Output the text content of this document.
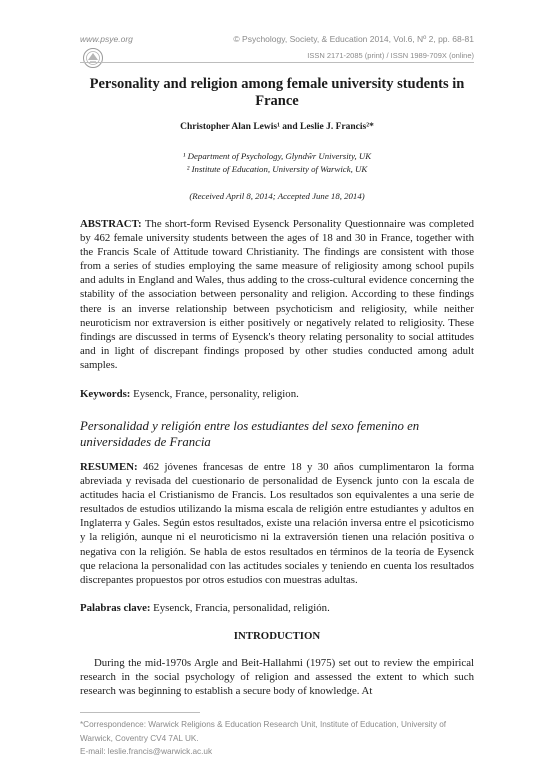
www.psye.org	© Psychology, Society, & Education 2014, Vol.6, Nº 2, pp. 68-81
ISSN 2171-2085 (print) / ISSN 1989-709X (online)
Personality and religion among female university students in France
Christopher Alan Lewis¹ and Leslie J. Francis²*
¹ Department of Psychology, Glyndŵr University, UK
² Institute of Education, University of Warwick, UK
(Received April 8, 2014; Accepted June 18, 2014)
ABSTRACT: The short-form Revised Eysenck Personality Questionnaire was completed by 462 female university students between the ages of 18 and 30 in France, together with the Francis Scale of Attitude toward Christianity. The findings are consistent with those from a series of studies employing the same measure of religiosity among school pupils and adults in England and Wales, thus adding to the cross-cultural evidence concerning the stability of the association between personality and religion. According to these findings there is an inverse relationship between psychoticism and religiosity, while neither neuroticism nor extraversion is either positively or negatively related to religiosity. These findings are discussed in terms of Eysenck's theory relating personality to social attitudes and in light of discrepant findings proposed by other studies conducted among adult samples.
Keywords: Eysenck, France, personality, religion.
Personalidad y religión entre los estudiantes del sexo femenino en universidades de Francia
RESUMEN: 462 jóvenes francesas de entre 18 y 30 años cumplimentaron la forma abreviada y revisada del cuestionario de personalidad de Eysenck junto con la escala de actitudes hacia el Cristianismo de Francis. Los resultados son equivalentes a una serie de resultados de estudios utilizando la misma escala de religión entre estudiantes y adultos en Inglaterra y Gales. Según estos resultados, existe una relación inversa entre el psicoticismo y la religión, aunque ni el neuroticismo ni la extraversión tienen una relación positiva o negativa con la religión. Se habla de estos resultados en términos de la teoría de Eysenck que relaciona la personalidad con las actitudes sociales y teniendo en cuenta los resultados discrepantes propuestos por otros estudios con muestras adultas.
Palabras clave: Eysenck, Francia, personalidad, religión.
INTRODUCTION
During the mid-1970s Argle and Beit-Hallahmi (1975) set out to review the empirical research in the social psychology of religion and assessed the extent to which such research was beginning to establish a secure body of knowledge. At
*Correspondence: Warwick Religions & Education Research Unit, Institute of Education, University of Warwick, Coventry CV4 7AL UK.
E-mail: leslie.francis@warwick.ac.uk
